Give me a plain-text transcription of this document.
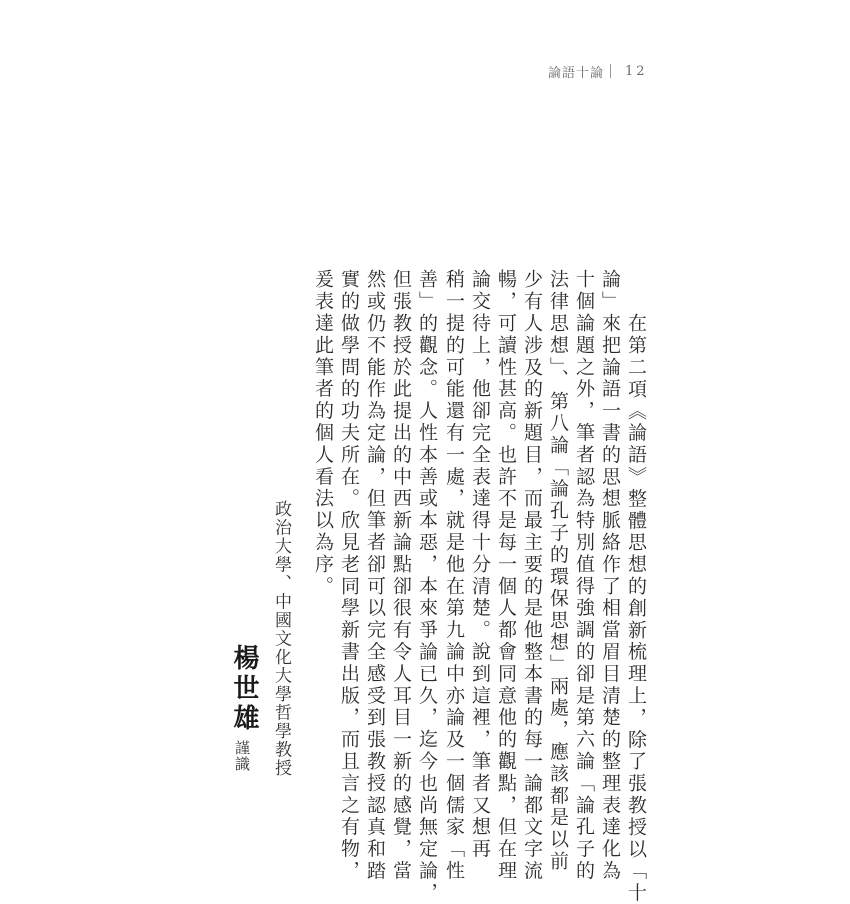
論語十論 12
在第二項《論語》整體思想的創新梳理上，除了張教授以「十
論」來把論語一書的思想脈絡作了相當眉目清楚的整理表達化為
十個論題之外，筆者認為特別值得強調的卻是第六論「論孔子的
法律思想」、第八論「論孔子的環保思想」兩處，應該都是以前
少有人涉及的新題目，而最主要的是他整本書的每一論都文字流
暢，可讀性甚高。也許不是每一個人都會同意他的觀點，但在理
論交待上，他卻完全表達得十分清楚。說到這裡，筆者又想再
稍一提的可能還有一處，就是他在第九論中亦論及一個儒家「性
善」的觀念。人性本善或本惡，本來爭論已久，迄今也尚無定論，
但張教授於此提出的中西新論點卻很有令人耳目一新的感覺，當
然或仍不能作為定論，但筆者卻可以完全感受到張教授認真和踏
實的做學問的功夫所在。欣見老同學新書出版，而且言之有物，
爰表達此筆者的個人看法以為序。
政治大學、中國文化大學哲學教授
楊世雄
謹識
